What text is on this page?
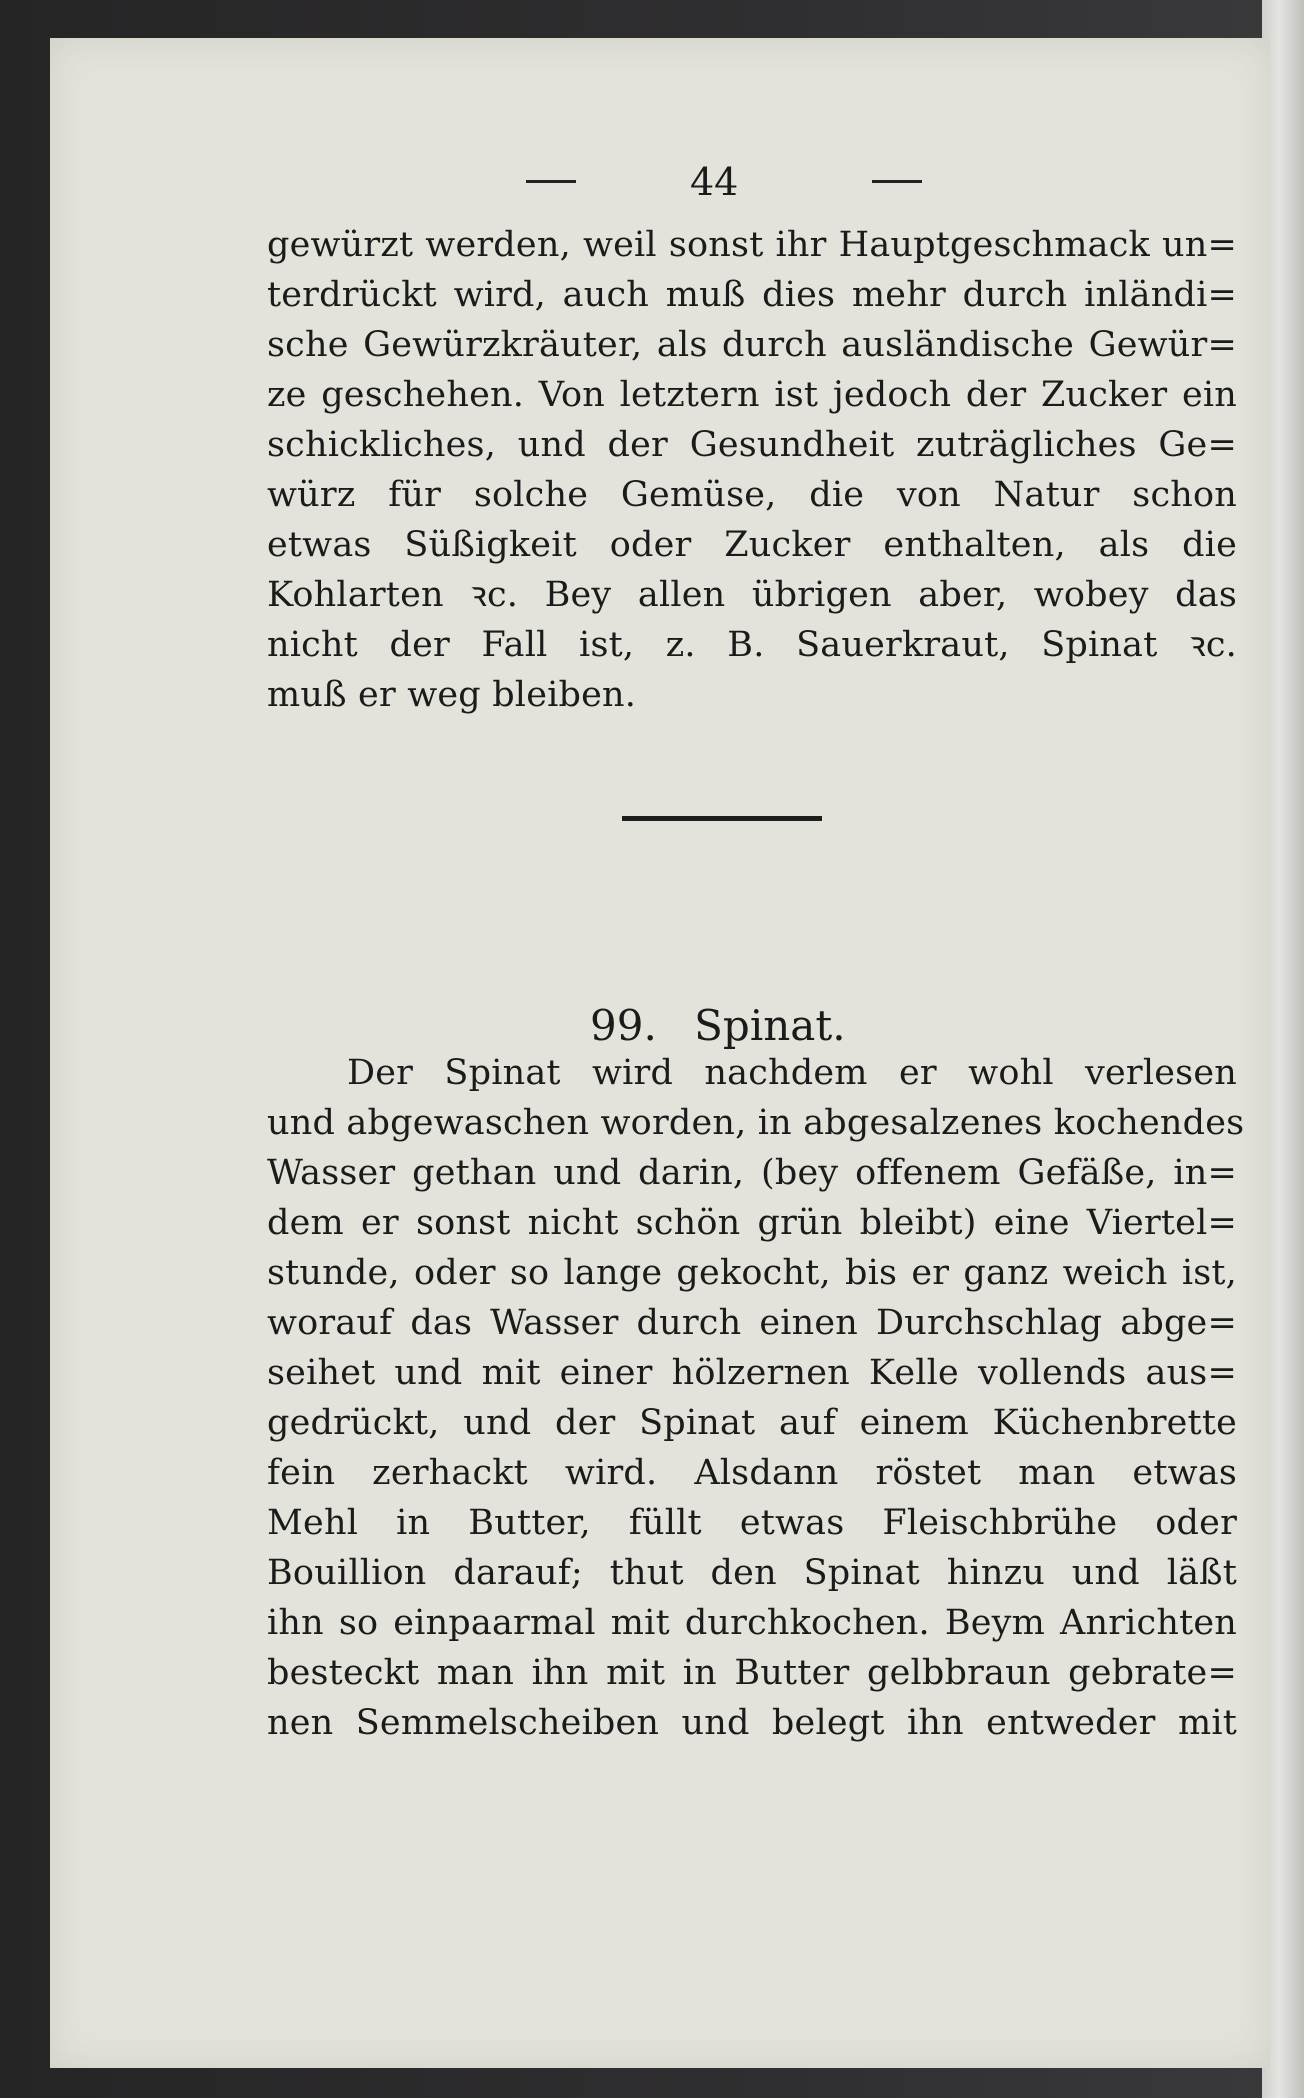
44
gewürzt werden, weil sonst ihr Hauptgeschmack un=
terdrückt wird, auch muß dies mehr durch inländi=
sche Gewürzkräuter, als durch ausländische Gewür=
ze geschehen. Von letztern ist jedoch der Zucker ein
schickliches, und der Gesundheit zuträgliches Ge=
würz für solche Gemüse, die von Natur schon
etwas Süßigkeit oder Zucker enthalten, als die
Kohlarten ꝛc. Bey allen übrigen aber, wobey das
nicht der Fall ist, z. B. Sauerkraut, Spinat ꝛc.
muß er weg bleiben.
99. Spinat.
Der Spinat wird nachdem er wohl verlesen
und abgewaschen worden, in abgesalzenes kochendes
Wasser gethan und darin, (bey offenem Gefäße, in=
dem er sonst nicht schön grün bleibt) eine Viertel=
stunde, oder so lange gekocht, bis er ganz weich ist,
worauf das Wasser durch einen Durchschlag abge=
seihet und mit einer hölzernen Kelle vollends aus=
gedrückt, und der Spinat auf einem Küchenbrette
fein zerhackt wird. Alsdann röstet man etwas
Mehl in Butter, füllt etwas Fleischbrühe oder
Bouillion darauf; thut den Spinat hinzu und läßt
ihn so einpaarmal mit durchkochen. Beym Anrichten
besteckt man ihn mit in Butter gelbbraun gebrate=
nen Semmelscheiben und belegt ihn entweder mit
